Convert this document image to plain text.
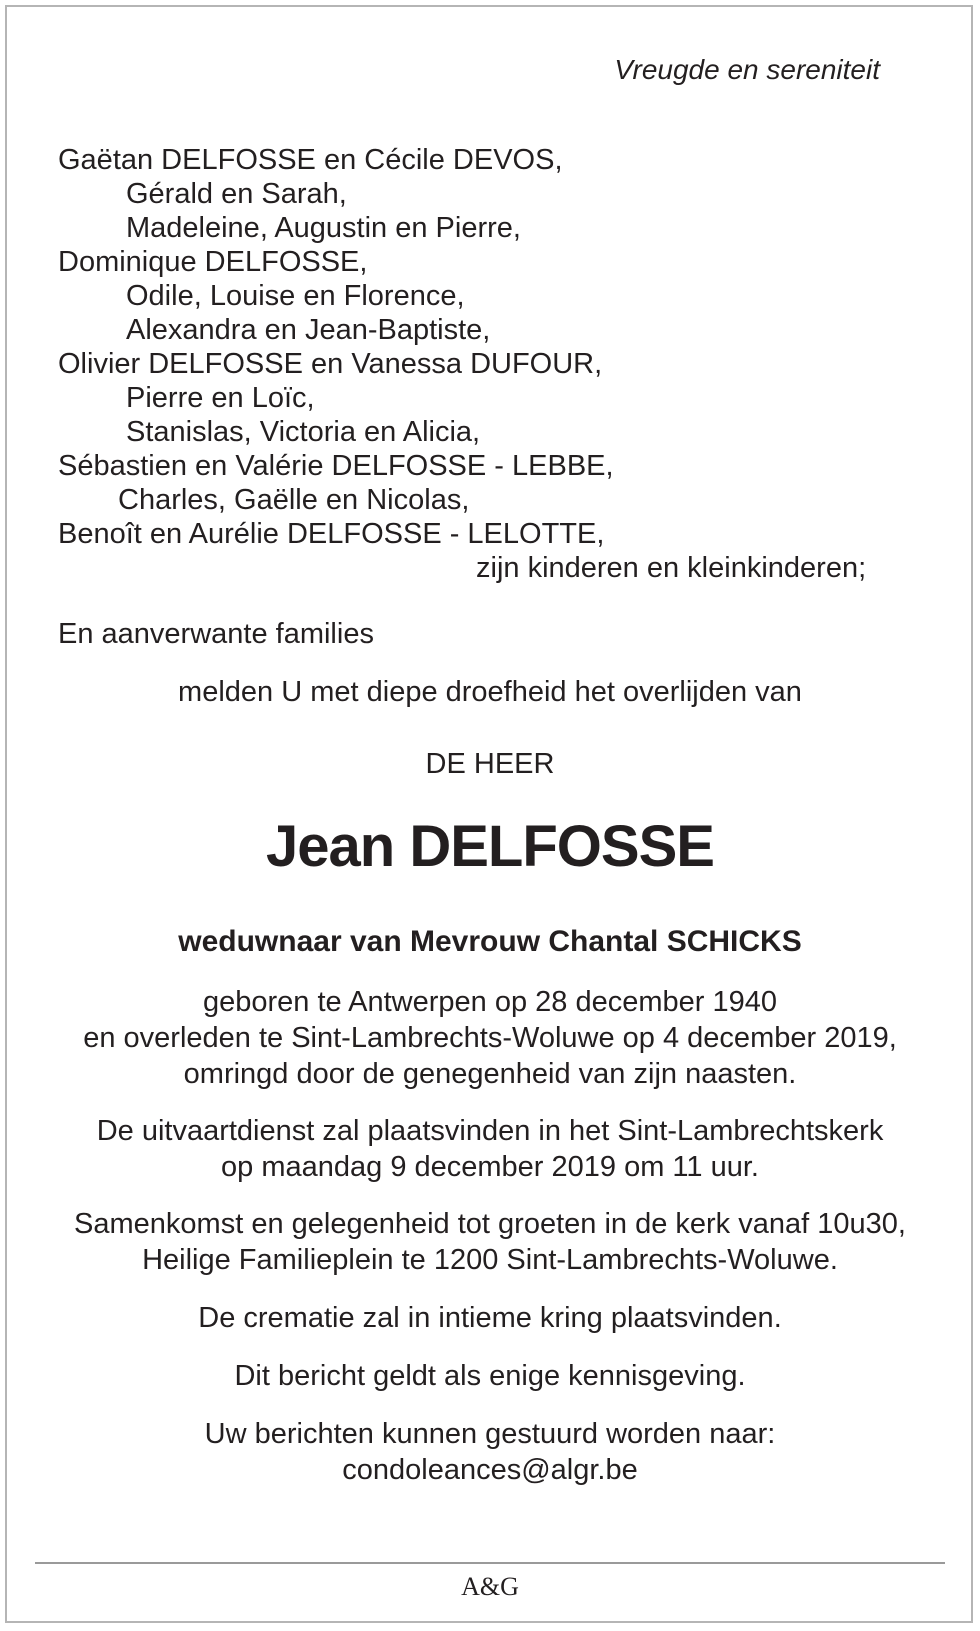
Vreugde en sereniteit
Gaëtan DELFOSSE en Cécile DEVOS,
Gérald en Sarah,
Madeleine, Augustin en Pierre,
Dominique DELFOSSE,
Odile, Louise en Florence,
Alexandra en Jean-Baptiste,
Olivier DELFOSSE en Vanessa DUFOUR,
Pierre en Loïc,
Stanislas, Victoria en Alicia,
Sébastien en Valérie DELFOSSE - LEBBE,
Charles, Gaëlle en Nicolas,
Benoît en Aurélie DELFOSSE - LELOTTE,
zijn kinderen en kleinkinderen;
En aanverwante families
melden U met diepe droefheid het overlijden van
DE HEER
Jean DELFOSSE
weduwnaar van Mevrouw Chantal SCHICKS
geboren te Antwerpen op 28 december 1940
en overleden te Sint-Lambrechts-Woluwe op 4 december 2019,
omringd door de genegenheid van zijn naasten.
De uitvaartdienst zal plaatsvinden in het Sint-Lambrechtskerk
op maandag 9 december 2019 om 11 uur.
Samenkomst en gelegenheid tot groeten in de kerk vanaf 10u30,
Heilige Familieplein te 1200 Sint-Lambrechts-Woluwe.
De crematie zal in intieme kring plaatsvinden.
Dit bericht geldt als enige kennisgeving.
Uw berichten kunnen gestuurd worden naar:
condoleances@algr.be
A&G
